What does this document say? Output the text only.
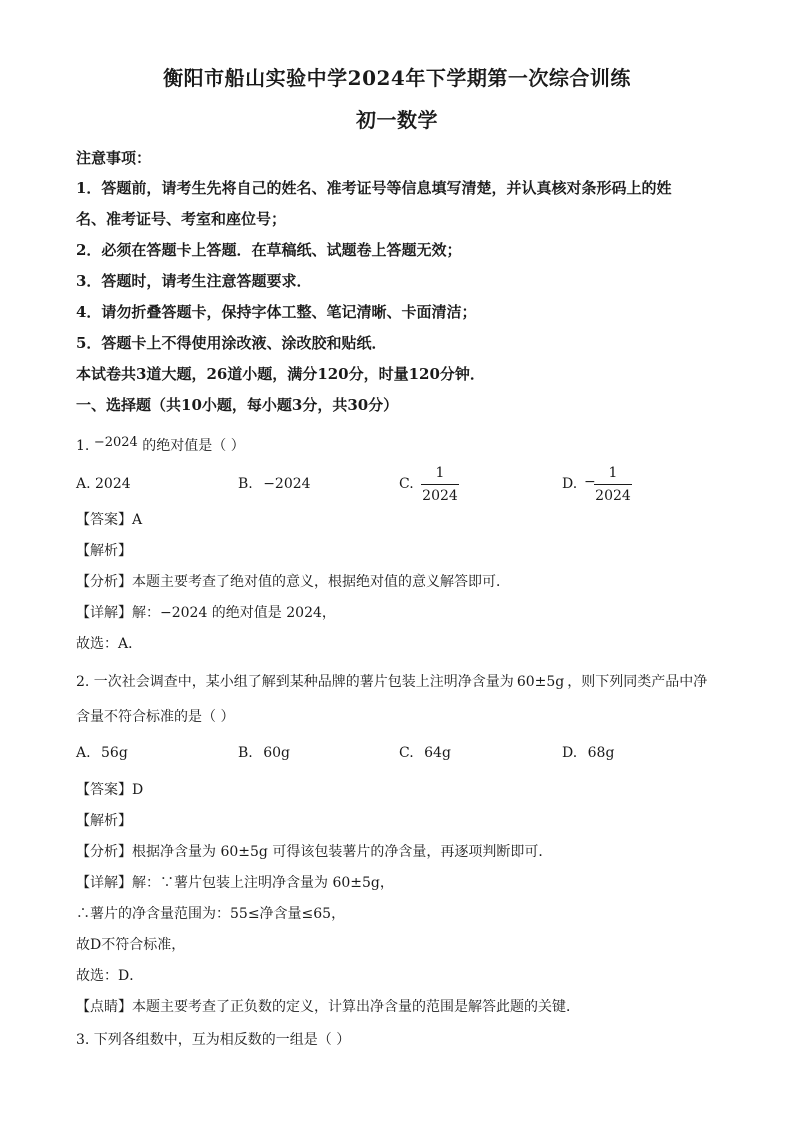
衡阳市船山实验中学2024年下学期第一次综合训练
初一数学
注意事项：
1．答题前，请考生先将自己的姓名、准考证号等信息填写清楚，并认真核对条形码上的姓
名、准考证号、考室和座位号；
2．必须在答题卡上答题．在草稿纸、试题卷上答题无效；
3．答题时，请考生注意答题要求．
4．请勿折叠答题卡，保持字体工整、笔记清晰、卡面清洁；
5．答题卡上不得使用涂改液、涂改胶和贴纸．
本试卷共3道大题，26道小题，满分120分，时量120分钟．
一、选择题（共10小题，每小题3分，共30分）
1. $^{-2024}$ 的绝对值是（ ）
A. 2024	B. −2024	C.
1
2024
D. −
1
2024
【答案】A
【解析】
【分析】本题主要考查了绝对值的意义，根据绝对值的意义解答即可．
【详解】解：−2024 的绝对值是 2024，
故选：A．
2. 一次社会调查中，某小组了解到某种品牌的薯片包装上注明净含量为 60±5g ，则下列同类产品中净
含量不符合标准的是（ ）
A. 56g	B. 60g	C. 64g	D. 68g
【答案】D
【解析】
【分析】根据净含量为 60±5g 可得该包装薯片的净含量，再逐项判断即可．
【详解】解：∵薯片包装上注明净含量为 60±5g，
∴薯片的净含量范围为：55≤净含量≤65，
故D不符合标准，
故选：D．
【点睛】本题主要考查了正负数的定义，计算出净含量的范围是解答此题的关键．
3. 下列各组数中，互为相反数的一组是（ ）
